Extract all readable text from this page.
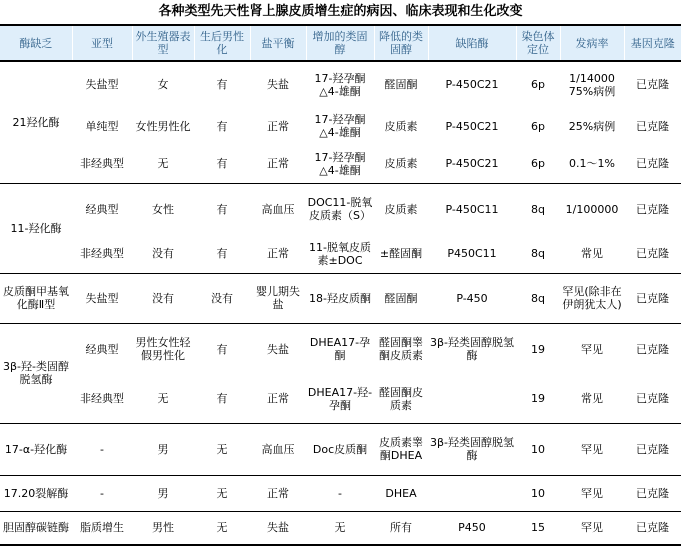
各种类型先天性肾上腺皮质增生症的病因、临床表现和生化改变
酶缺乏	亚型	外生殖器表型	生后男性化	盐平衡	增加的类固醇	降低的类固醇	缺陷酶	染色体定位	发病率	基因克隆
21羟化酶	失盐型	女	有	失盐	17-羟孕酮 △4-雄酮	醛固酮	P-450C21	6p	1/14000 75%病例	已克隆
	单纯型	女性男性化	有	正常	17-羟孕酮 △4-雄酮	皮质素	P-450C21	6p	25%病例	已克隆
	非经典型	无	有	正常	17-羟孕酮 △4-雄酮	皮质素	P-450C21	6p	0.1～1%	已克隆
11-羟化酶	经典型	女性	有	高血压	DOC11-脱氧皮质素（S）	皮质素	P-450C11	8q	1/100000	已克隆
	非经典型	没有	有	正常	11-脱氧皮质素±DOC	±醛固酮	P450C11	8q	常见	已克隆
皮质酮甲基氧化酶Ⅱ型	失盐型	没有	没有	婴儿期失盐	18-羟皮质酮	醛固酮	P-450	8q	罕见(除非在伊朗犹太人)	已克隆
3β-羟-类固醇脱氢酶	经典型	男性女性轻假男性化	有	失盐	DHEA17-孕酮	醛固酮睾酮皮质素	3β-羟类固醇脱氢酶	19	罕见	已克隆
	非经典型	无	有	正常	DHEA17-羟-孕酮	醛固酮皮质素		19	常见	已克隆
17-α-羟化酶	-	男	无	高血压	Doc皮质酮	皮质素睾酮DHEA	3β-羟类固醇脱氢酶	10	罕见	已克隆
17.20裂解酶	-	男	无	正常	-	DHEA		10	罕见	已克隆
胆固醇碳链酶	脂质增生	男性	无	失盐	无	所有	P450	15	罕见	已克隆
